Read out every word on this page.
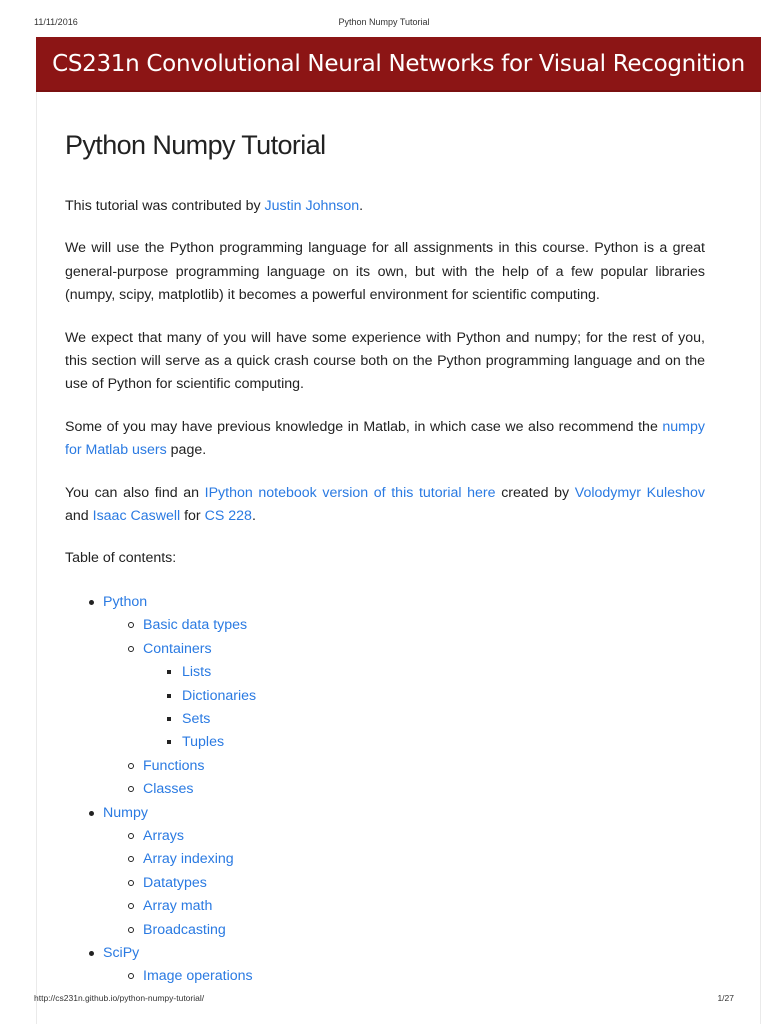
11/11/2016	Python Numpy Tutorial
CS231n Convolutional Neural Networks for Visual Recognition
Python Numpy Tutorial

This tutorial was contributed by Justin Johnson.

We will use the Python programming language for all assignments in this course. Python is a great general-purpose programming language on its own, but with the help of a few popular libraries (numpy, scipy, matplotlib) it becomes a powerful environment for scientific computing.

We expect that many of you will have some experience with Python and numpy; for the rest of you, this section will serve as a quick crash course both on the Python programming language and on the use of Python for scientific computing.

Some of you may have previous knowledge in Matlab, in which case we also recommend the numpy for Matlab users page.

You can also find an IPython notebook version of this tutorial here created by Volodymyr Kuleshov and Isaac Caswell for CS 228.

Table of contents:

Python
Basic data types
Containers
Lists
Dictionaries
Sets
Tuples
Functions
Classes
Numpy
Arrays
Array indexing
Datatypes
Array math
Broadcasting
SciPy
Image operations
http://cs231n.github.io/python-numpy-tutorial/	1/27
